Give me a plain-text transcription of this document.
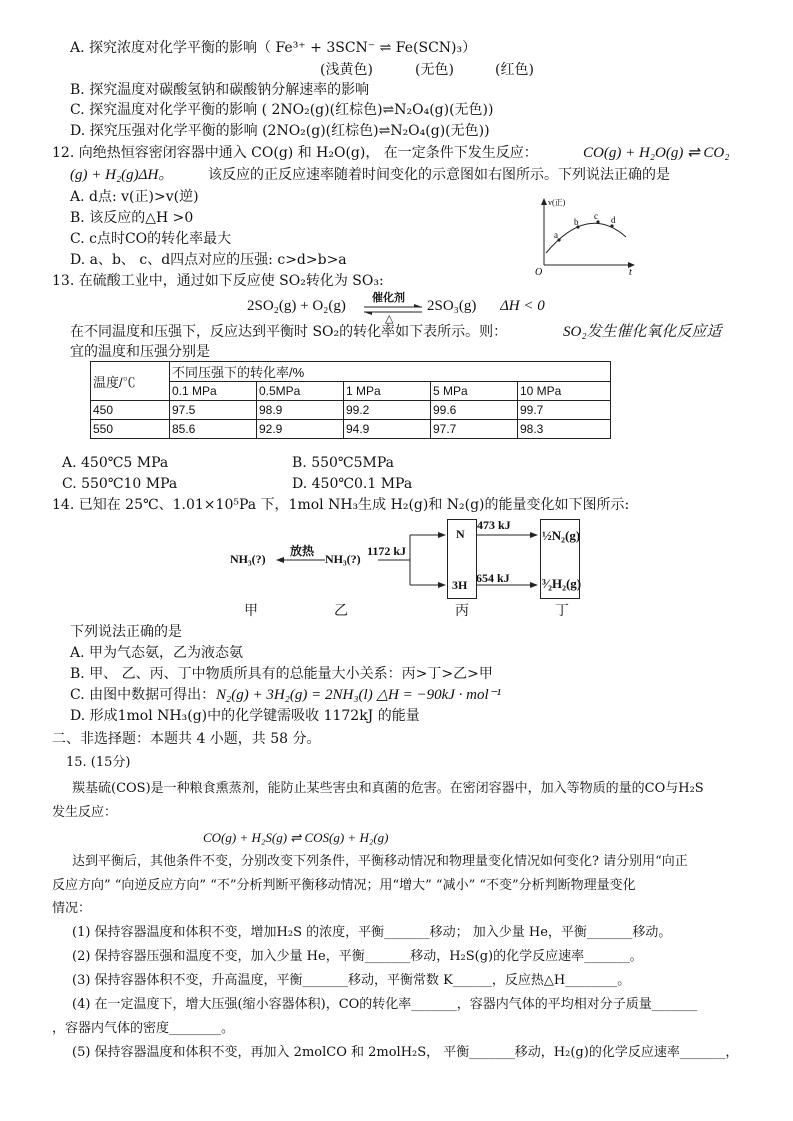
A. 探究浓度对化学平衡的影响（ Fe³⁺ + 3SCN⁻ ⇌ Fe(SCN)₃）
(浅黄色)	(无色)	(红色)
B. 探究温度对碳酸氢钠和碳酸钠分解速率的影响
C. 探究温度对化学平衡的影响 ( 2NO₂(g)(红棕色)⇌N₂O₄(g)(无色))
D. 探究压强对化学平衡的影响 (2NO₂(g)(红棕色)⇌N₂O₄(g)(无色))
12. 向绝热恒容密闭容器中通入 CO(g) 和 H₂O(g)， 在一定条件下发生反应：	CO(g) + H₂O(g) ⇌ CO₂
(g) + H₂(g)ΔH。 该反应的正反应速率随着时间变化的示意图如右图所示。下列说法正确的是
A. d点: v(正)>v(逆)
B. 该反应的△H >0
C. c点时CO的转化率最大
D. a、b、 c、d四点对应的压强: c>d>b>a
v(正)
O	t
a
b
c d
13. 在硫酸工业中，通过如下反应使 SO₂转化为 SO₃:
2SO₂(g) + O₂(g)
催化剂
△
2SO₃(g) ΔH < 0
在不同温度和压强下，反应达到平衡时 SO₂的转化率如下表所示。则：	SO₂发生催化氧化反应适
宜的温度和压强分别是
温度/℃	不同压强下的转化率/%				
	0.1 MPa	0.5MPa	1 MPa	5 MPa	10 MPa
450	97.5	98.9	99.2	99.6	99.7
550	85.6	92.9	94.9	97.7	98.3
A. 450℃5 MPa	B. 550℃5MPa
C. 550℃10 MPa	D. 450℃0.1 MPa
14. 已知在 25℃、1.01×10⁵Pa 下，1mol NH₃生成 H₂(g)和 N₂(g)的能量变化如下图所示:
NH₃(?)
放热
NH₃(?)
1172 kJ
N
3H
473 kJ
654 kJ
½N₂(g)
³⁄₂H₂(g)
甲	乙	丙	丁
下列说法正确的是
A. 甲为气态氨，乙为液态氨
B. 甲、 乙、丙、丁中物质所具有的总能量大小关系：丙>丁>乙>甲
C. 由图中数据可得出： N₂(g) + 3H₂(g) = 2NH₃(l) △H = −90kJ · mol⁻¹
D. 形成1mol NH₃(g)中的化学键需吸收 1172kJ 的能量
二、非选择题：本题共 4 小题，共 58 分。
15. (15分)
羰基硫(COS)是一种粮食熏蒸剂，能防止某些害虫和真菌的危害。在密闭容器中，加入等物质的量的CO与H₂S
发生反应：
CO(g) + H₂S(g) ⇌ COS(g) + H₂(g)
达到平衡后，其他条件不变，分别改变下列条件，平衡移动情况和物理量变化情况如何变化? 请分别用“向正
反应方向” “向逆反应方向” “不”分析判断平衡移动情况；用“增大” “减小” “不变”分析判断物理量变化
情况：
(1) 保持容器温度和体积不变，增加H₂S 的浓度，平衡_______移动； 加入少量 He，平衡_______移动。
(2) 保持容器压强和温度不变，加入少量 He，平衡_______移动，H₂S(g)的化学反应速率_______。
(3) 保持容器体积不变，升高温度，平衡_______移动，平衡常数 K______，反应热△H________。
(4) 在一定温度下，增大压强(缩小容器体积)，CO的转化率_______，容器内气体的平均相对分子质量_______
，容器内气体的密度________。
(5) 保持容器温度和体积不变，再加入 2molCO 和 2molH₂S， 平衡_______移动，H₂(g)的化学反应速率_______，
